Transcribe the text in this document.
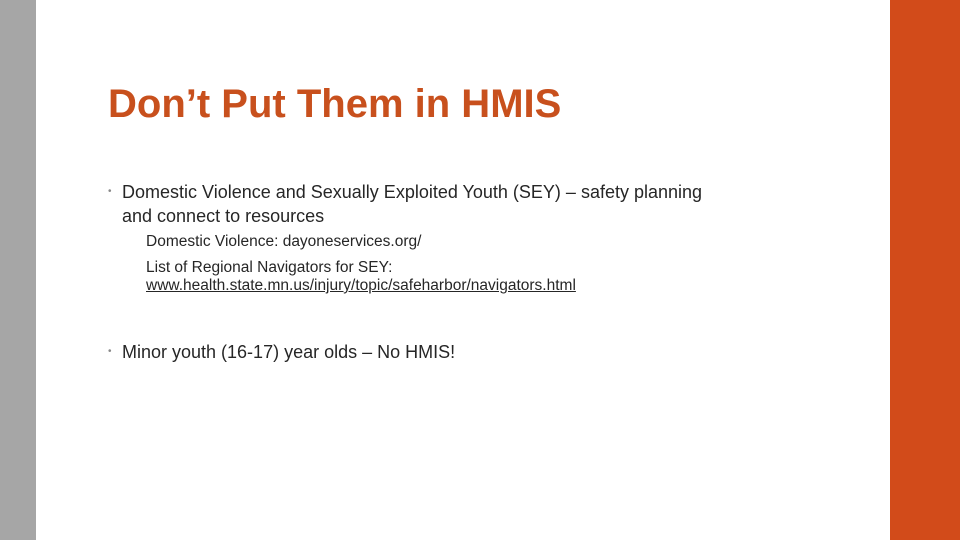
Don’t Put Them in HMIS
• Domestic Violence and Sexually Exploited Youth (SEY) – safety planning and connect to resources
Domestic Violence: dayoneservices.org/
List of Regional Navigators for SEY:
www.health.state.mn.us/injury/topic/safeharbor/navigators.html
• Minor youth (16-17) year olds – No HMIS!
